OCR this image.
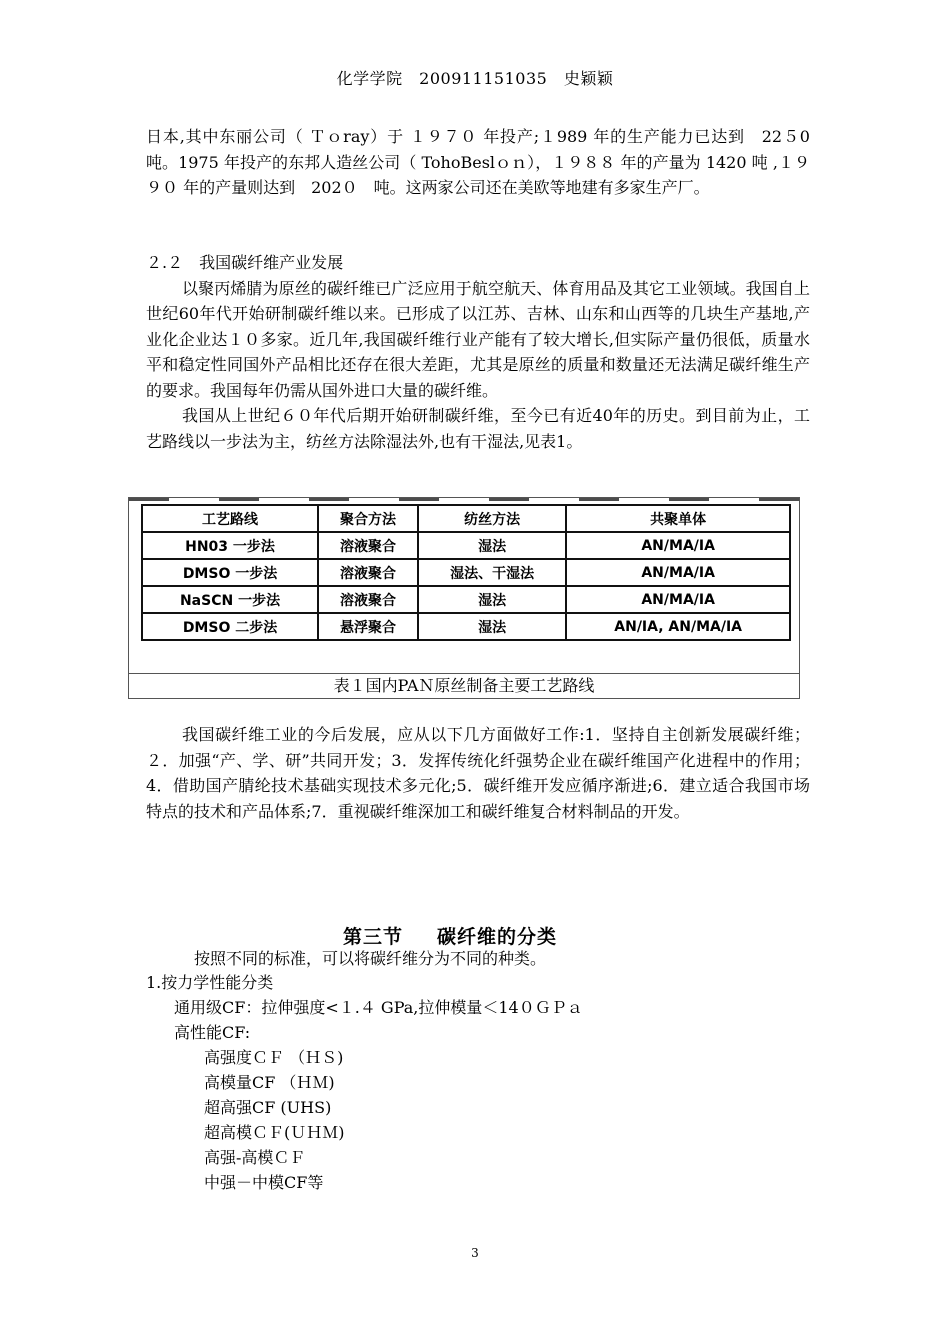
化学学院　200911151035　史颖颖
日本,其中东丽公司（ Ｔｏray）于 １９７０ 年投产;１989 年的生产能力已达到　22５0 吨。1975 年投产的东邦人造丝公司（ TohoBeslｏｎ），１９８８ 年的产量为 1420 吨 ,１９９０ 年的产量则达到　202０　吨。这两家公司还在美欧等地建有多家生产厂。
２.２　我国碳纤维产业发展
以聚丙烯腈为原丝的碳纤维已广泛应用于航空航天、体育用品及其它工业领域。我国自上世纪60年代开始研制碳纤维以来。已形成了以江苏、吉林、山东和山西等的几块生产基地,产业化企业达１０多家。近几年,我国碳纤维行业产能有了较大增长,但实际产量仍很低，质量水平和稳定性同国外产品相比还存在很大差距，尤其是原丝的质量和数量还无法满足碳纤维生产的要求。我国每年仍需从国外进口大量的碳纤维。
我国从上世纪６０年代后期开始研制碳纤维，至今已有近40年的历史。到目前为止，工艺路线以一步法为主，纺丝方法除湿法外,也有干湿法,见表1。
工艺路线	聚合方法	纺丝方法	共聚单体
HN03 一步法	溶液聚合	湿法	AN/MA/IA
DMSO 一步法	溶液聚合	湿法、干湿法	AN/MA/IA
NaSCN 一步法	溶液聚合	湿法	AN/MA/IA
DMSO 二步法	悬浮聚合	湿法	AN/IA, AN/MA/IA
表１国内PAＮ原丝制备主要工艺路线
我国碳纤维工业的今后发展，应从以下几方面做好工作:1．坚持自主创新发展碳纤维；２．加强“产、学、研”共同开发；3．发挥传统化纤强势企业在碳纤维国产化进程中的作用；4．借助国产腈纶技术基础实现技术多元化;5．碳纤维开发应循序渐进;6．建立适合我国市场特点的技术和产品体系;7．重视碳纤维深加工和碳纤维复合材料制品的开发。
第三节 碳纤维的分类
按照不同的标准，可以将碳纤维分为不同的种类。
1.按力学性能分类
通用级CF：拉伸强度<１.４ GPa,拉伸模量＜14０ＧＰａ
高性能CF:
高强度ＣＦ （ＨＳ)
高模量CF （ＨＭ)
超高强CF (UHS)
超高模ＣＦ(ＵＨＭ)
高强-高模ＣＦ
中强－中模CF等
3
